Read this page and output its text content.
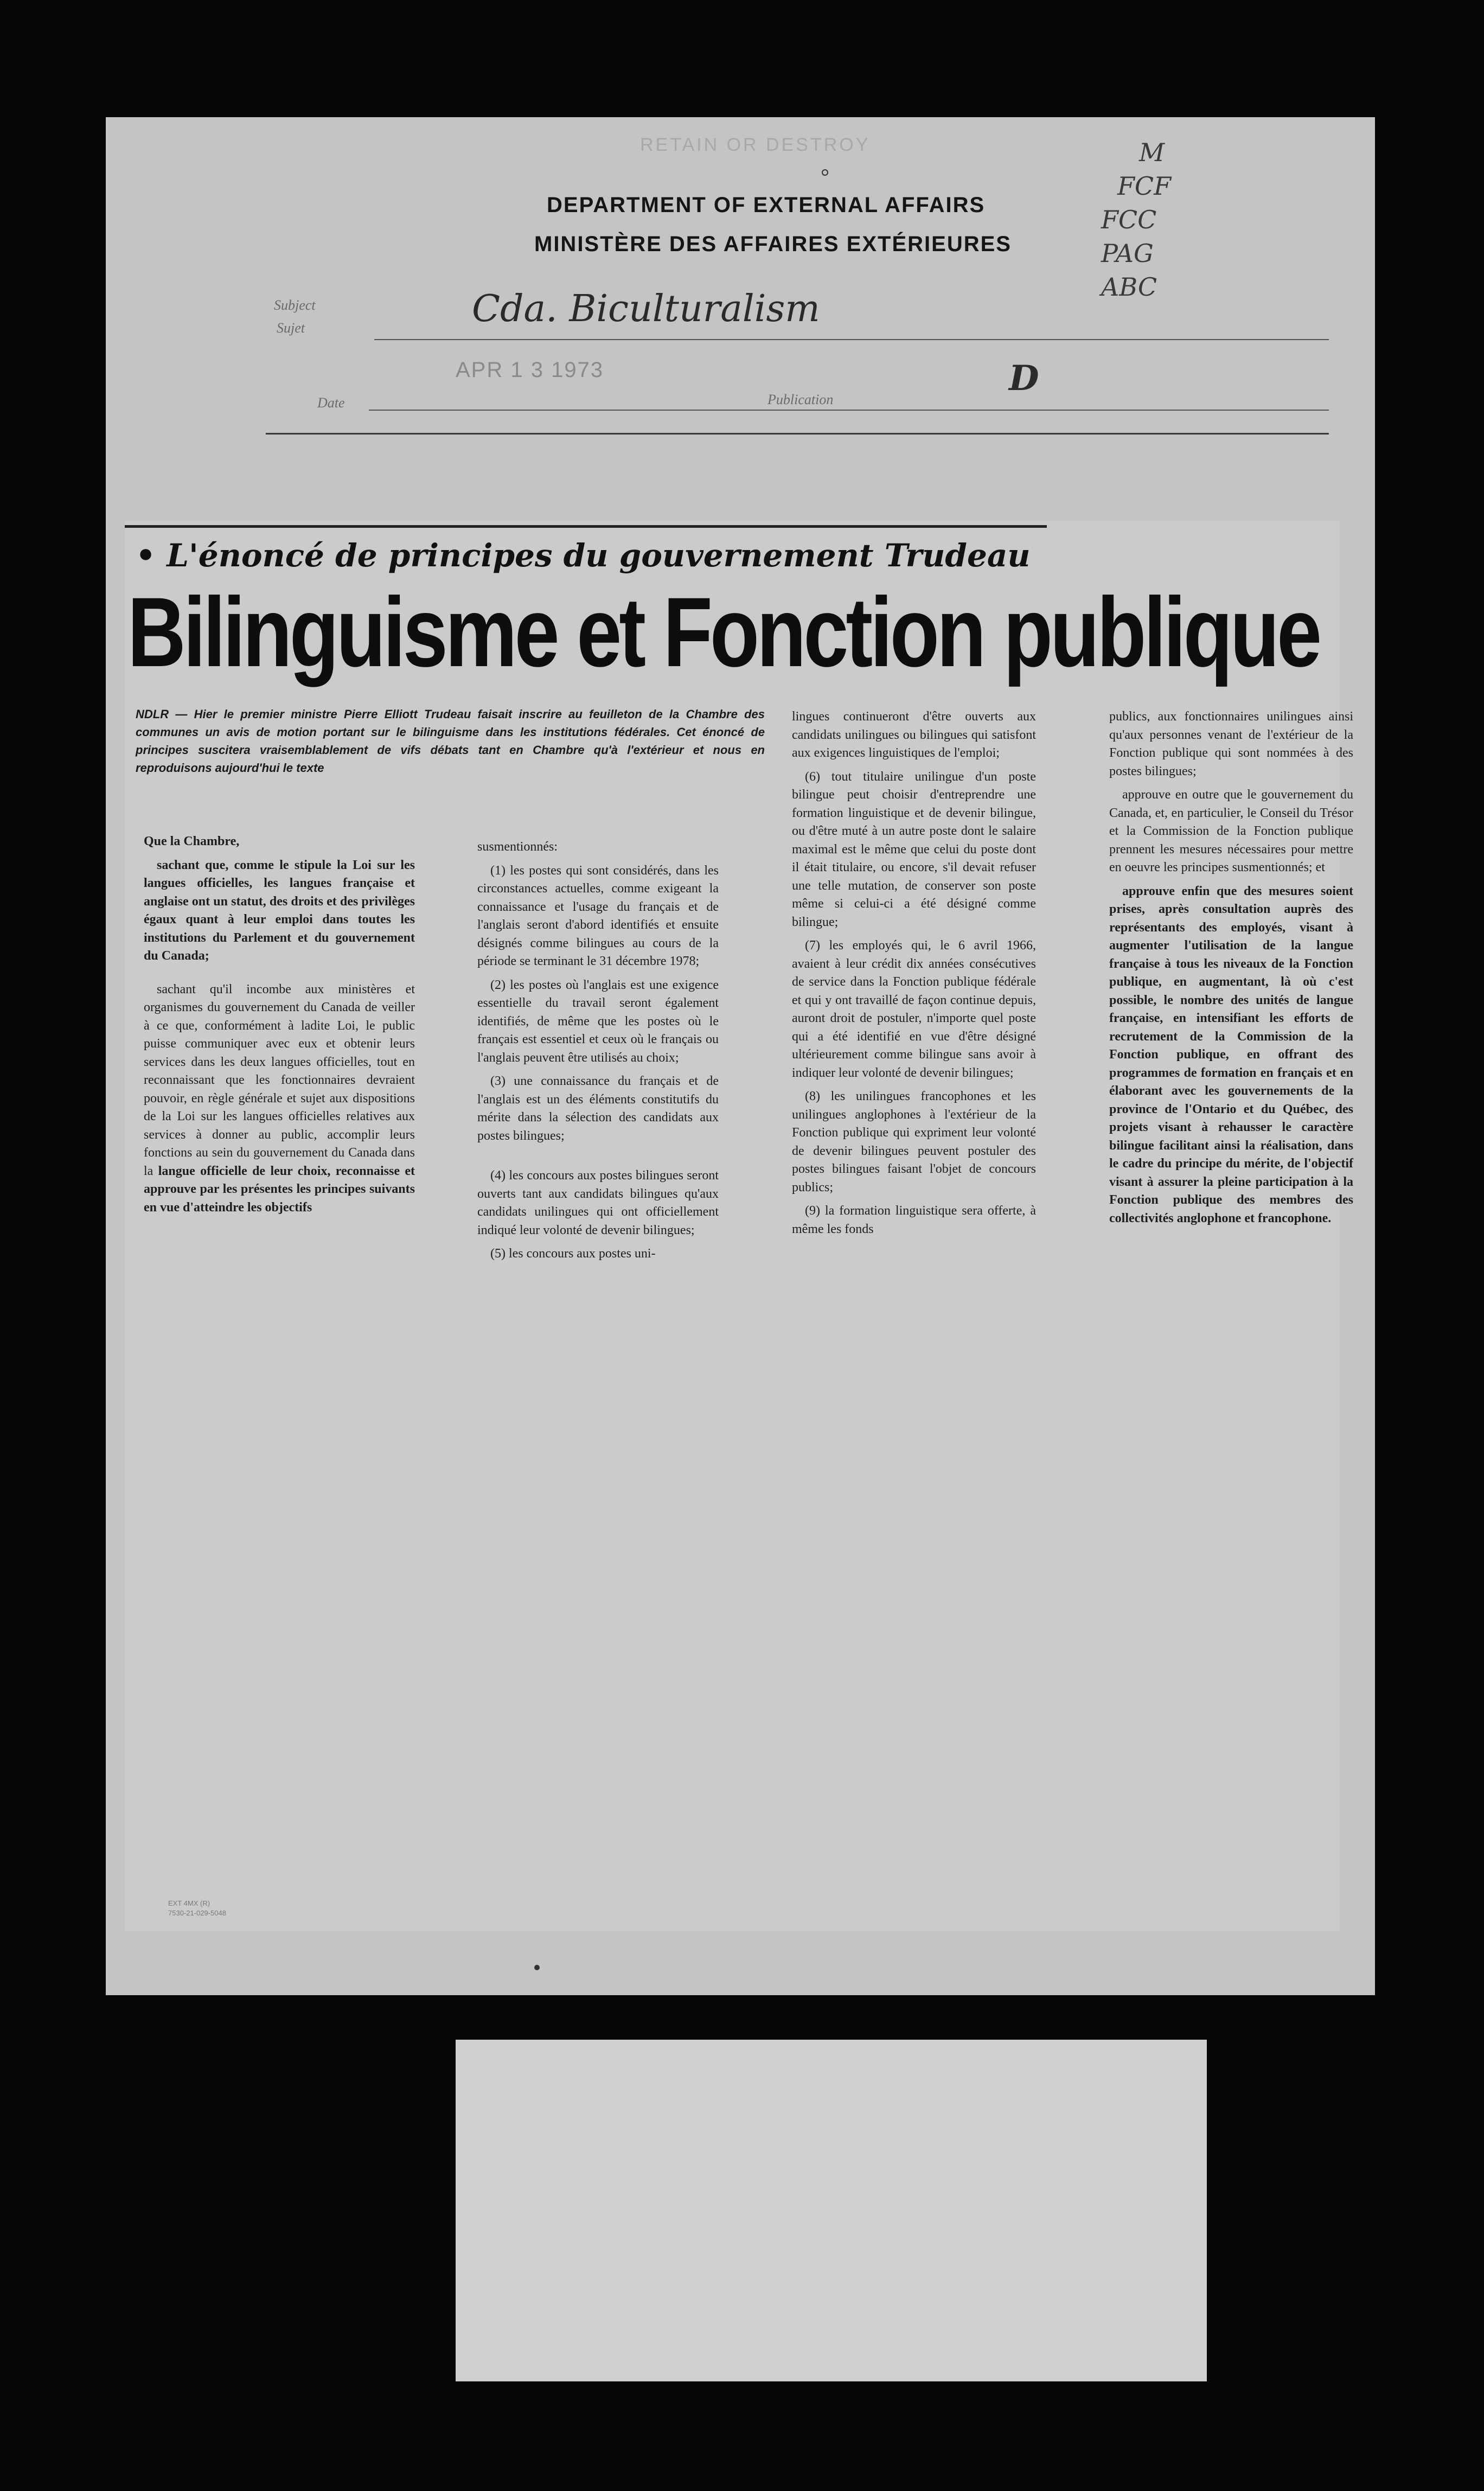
RETAIN OR DESTROY
DEPARTMENT OF EXTERNAL AFFAIRS
MINISTÈRE DES AFFAIRES EXTÉRIEURES
M
FCF
FCC
PAG
ABC
Subject
Sujet	Cda. Biculturalism
Date
APR 1 3 1973
Publication
D
• L'énoncé de principes du gouvernement Trudeau
Bilinguisme et Fonction publique
NDLR — Hier le premier ministre Pierre Elliott Trudeau faisait inscrire au feuilleton de la Chambre des communes un avis de motion portant sur le bilinguisme dans les institutions fédérales. Cet énoncé de principes suscitera vraisemblablement de vifs débats tant en Chambre qu'à l'extérieur et nous en reproduisons aujourd'hui le texte

Que la Chambre,

sachant que, comme le stipule la Loi sur les langues officielles, les langues française et anglaise ont un statut, des droits et des privilèges égaux quant à leur emploi dans toutes les institutions du Parlement et du gouvernement du Canada;

sachant qu'il incombe aux ministères et organismes du gouvernement du Canada de veiller à ce que, conformément à ladite Loi, le public puisse communiquer avec eux et obtenir leurs services dans les deux langues officielles, tout en reconnaissant que les fonctionnaires devraient pouvoir, en règle générale et sujet aux dispositions de la Loi sur les langues officielles relatives aux services à donner au public, accomplir leurs fonctions au sein du gouvernement du Canada dans la langue officielle de leur choix, reconnaisse et approuve par les présentes les principes suivants en vue d'atteindre les objectifs

susmentionnés:

(1) les postes qui sont considérés, dans les circonstances actuelles, comme exigeant la connaissance et l'usage du français et de l'anglais seront d'abord identifiés et ensuite désignés comme bilingues au cours de la période se terminant le 31 décembre 1978;

(2) les postes où l'anglais est une exigence essentielle du travail seront également identifiés, de même que les postes où le français est essentiel et ceux où le français ou l'anglais peuvent être utilisés au choix;

(3) une connaissance du français et de l'anglais est un des éléments constitutifs du mérite dans la sélection des candidats aux postes bilingues;

(4) les concours aux postes bilingues seront ouverts tant aux candidats bilingues qu'aux candidats unilingues qui ont officiellement indiqué leur volonté de devenir bilingues;

(5) les concours aux postes uni-

lingues continueront d'être ouverts aux candidats unilingues ou bilingues qui satisfont aux exigences linguistiques de l'emploi;

(6) tout titulaire unilingue d'un poste bilingue peut choisir d'entreprendre une formation linguistique et de devenir bilingue, ou d'être muté à un autre poste dont le salaire maximal est le même que celui du poste dont il était titulaire, ou encore, s'il devait refuser une telle mutation, de conserver son poste même si celui-ci a été désigné comme bilingue;

(7) les employés qui, le 6 avril 1966, avaient à leur crédit dix années consécutives de service dans la Fonction publique fédérale et qui y ont travaillé de façon continue depuis, auront droit de postuler, n'importe quel poste qui a été identifié en vue d'être désigné ultérieurement comme bilingue sans avoir à indiquer leur volonté de devenir bilingues;

(8) les unilingues francophones et les unilingues anglophones à l'extérieur de la Fonction publique qui expriment leur volonté de devenir bilingues peuvent postuler des postes bilingues faisant l'objet de concours publics;

(9) la formation linguistique sera offerte, à même les fonds

publics, aux fonctionnaires unilingues ainsi qu'aux personnes venant de l'extérieur de la Fonction publique qui sont nommées à des postes bilingues;

approuve en outre que le gouvernement du Canada, et, en particulier, le Conseil du Trésor et la Commission de la Fonction publique prennent les mesures nécessaires pour mettre en oeuvre les principes susmentionnés; et

approuve enfin que des mesures soient prises, après consultation auprès des représentants des employés, visant à augmenter l'utilisation de la langue française à tous les niveaux de la Fonction publique, en augmentant, là où c'est possible, le nombre des unités de langue française, en intensifiant les efforts de recrutement de la Commission de la Fonction publique, en offrant des programmes de formation en français et en élaborant avec les gouvernements de la province de l'Ontario et du Québec, des projets visant à rehausser le caractère bilingue facilitant ainsi la réalisation, dans le cadre du principe du mérite, de l'objectif visant à assurer la pleine participation à la Fonction publique des membres des collectivités anglophone et francophone.

EXT 4MX (R)
7530-21-029-5048
